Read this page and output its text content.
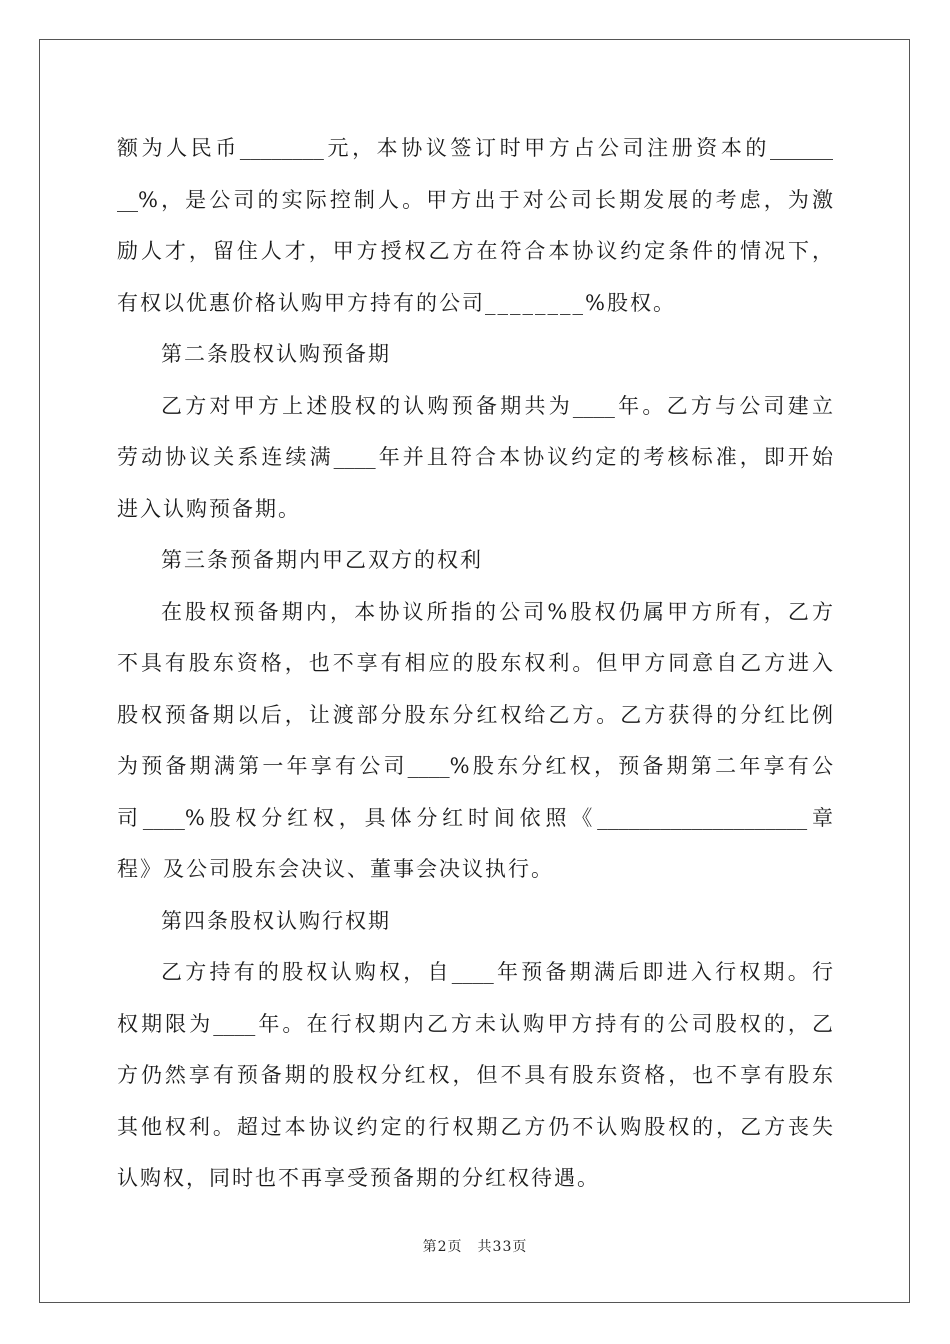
额为人民币________元，本协议签订时甲方占公司注册资本的______
__%，是公司的实际控制人。甲方出于对公司长期发展的考虑，为激
励人才，留住人才，甲方授权乙方在符合本协议约定条件的情况下，
有权以优惠价格认购甲方持有的公司________%股权。
第二条股权认购预备期
乙方对甲方上述股权的认购预备期共为____年。乙方与公司建立
劳动协议关系连续满____年并且符合本协议约定的考核标准，即开始
进入认购预备期。
第三条预备期内甲乙双方的权利
在股权预备期内，本协议所指的公司%股权仍属甲方所有，乙方
不具有股东资格，也不享有相应的股东权利。但甲方同意自乙方进入
股权预备期以后，让渡部分股东分红权给乙方。乙方获得的分红比例
为预备期满第一年享有公司____%股东分红权，预备期第二年享有公
司____%股权分红权，具体分红时间依照《____________________章
程》及公司股东会决议、董事会决议执行。
第四条股权认购行权期
乙方持有的股权认购权，自____年预备期满后即进入行权期。行
权期限为____年。在行权期内乙方未认购甲方持有的公司股权的，乙
方仍然享有预备期的股权分红权，但不具有股东资格，也不享有股东
其他权利。超过本协议约定的行权期乙方仍不认购股权的，乙方丧失
认购权，同时也不再享受预备期的分红权待遇。
第2页　共33页
